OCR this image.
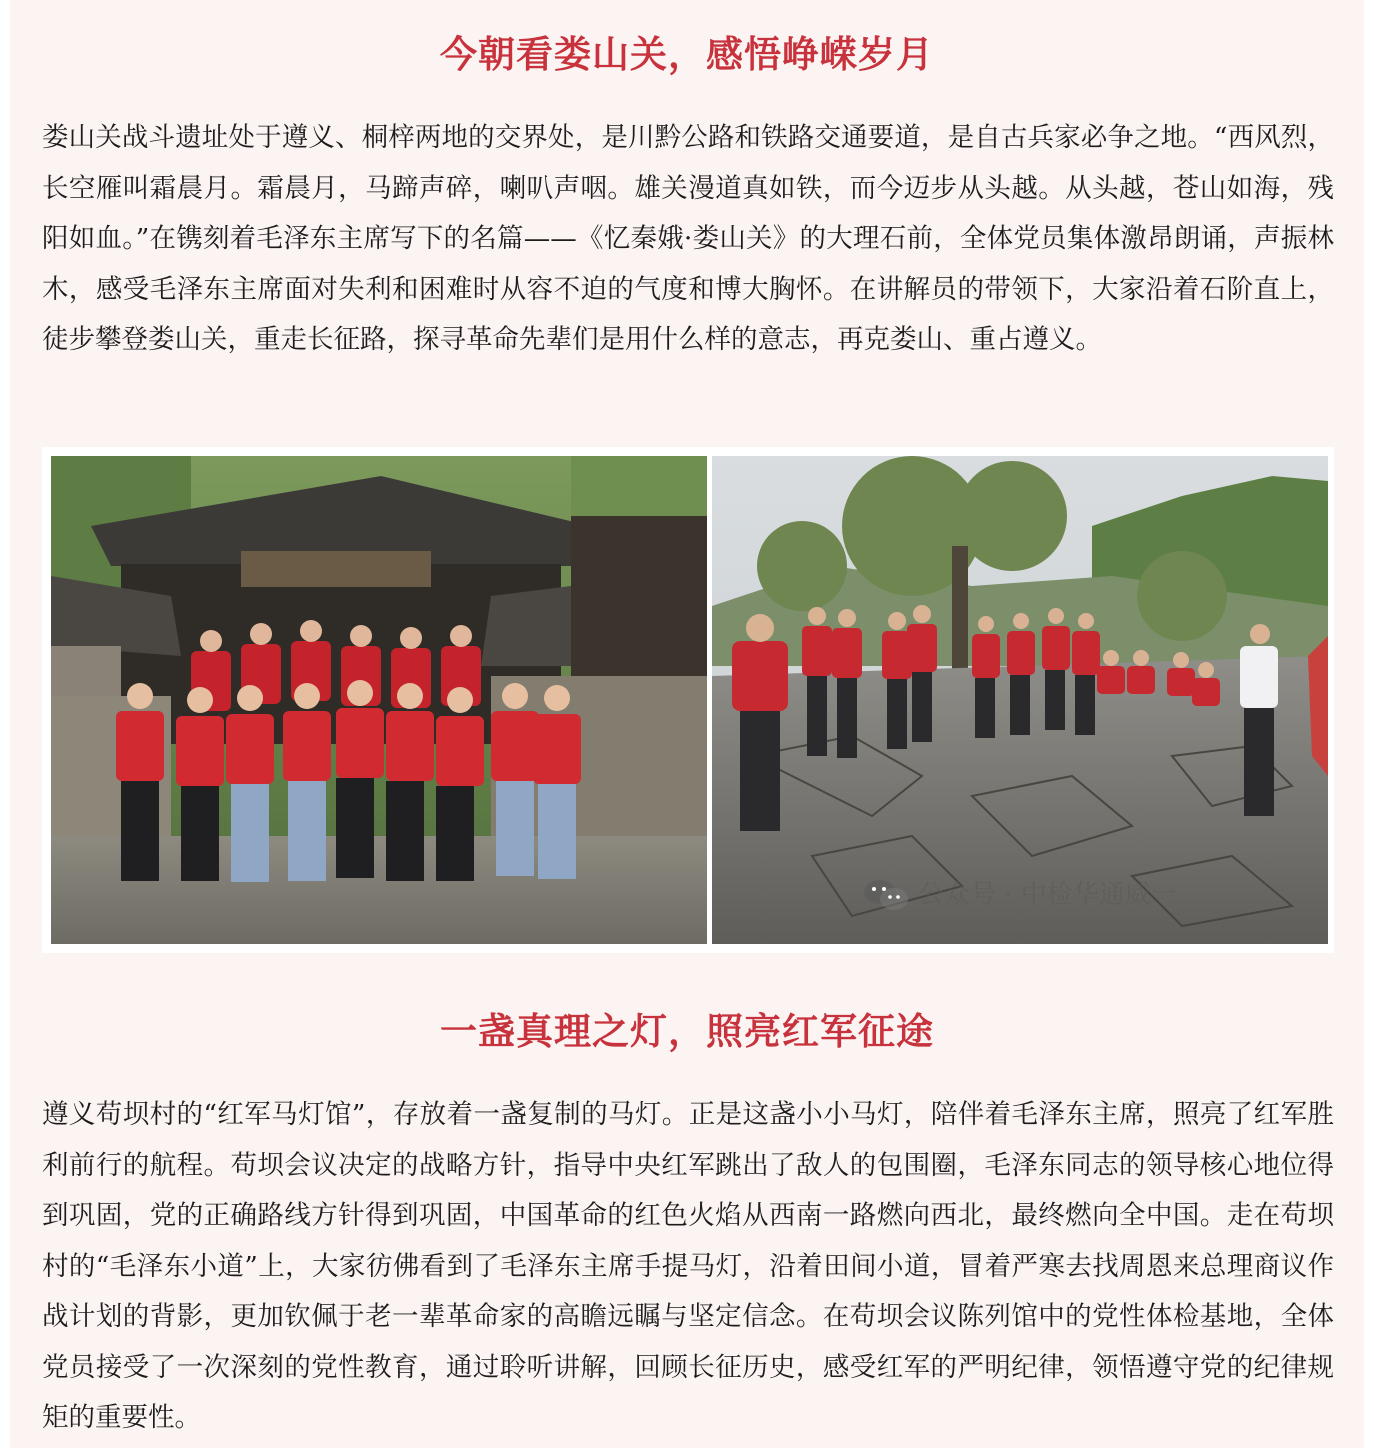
今朝看娄山关，感悟峥嵘岁月

娄山关战斗遗址处于遵义、桐梓两地的交界处，是川黔公路和铁路交通要道，是自古兵家必争之地。“西风烈，长空雁叫霜晨月。霜晨月，马蹄声碎，喇叭声咽。雄关漫道真如铁，而今迈步从头越。从头越，苍山如海，残阳如血。”在镌刻着毛泽东主席写下的名篇——《忆秦娥·娄山关》的大理石前，全体党员集体激昂朗诵，声振林木，感受毛泽东主席面对失利和困难时从容不迫的气度和博大胸怀。在讲解员的带领下，大家沿着石阶直上，徒步攀登娄山关，重走长征路，探寻革命先辈们是用什么样的意志，再克娄山、重占遵义。

公众号 · 中检华通威一
一盏真理之灯，照亮红军征途

遵义苟坝村的“红军马灯馆”，存放着一盏复制的马灯。正是这盏小小马灯，陪伴着毛泽东主席，照亮了红军胜利前行的航程。苟坝会议决定的战略方针，指导中央红军跳出了敌人的包围圈，毛泽东同志的领导核心地位得到巩固，党的正确路线方针得到巩固，中国革命的红色火焰从西南一路燃向西北，最终燃向全中国。走在苟坝村的“毛泽东小道”上，大家彷佛看到了毛泽东主席手提马灯，沿着田间小道，冒着严寒去找周恩来总理商议作战计划的背影，更加钦佩于老一辈革命家的高瞻远瞩与坚定信念。在苟坝会议陈列馆中的党性体检基地，全体党员接受了一次深刻的党性教育，通过聆听讲解，回顾长征历史，感受红军的严明纪律，领悟遵守党的纪律规矩的重要性。
